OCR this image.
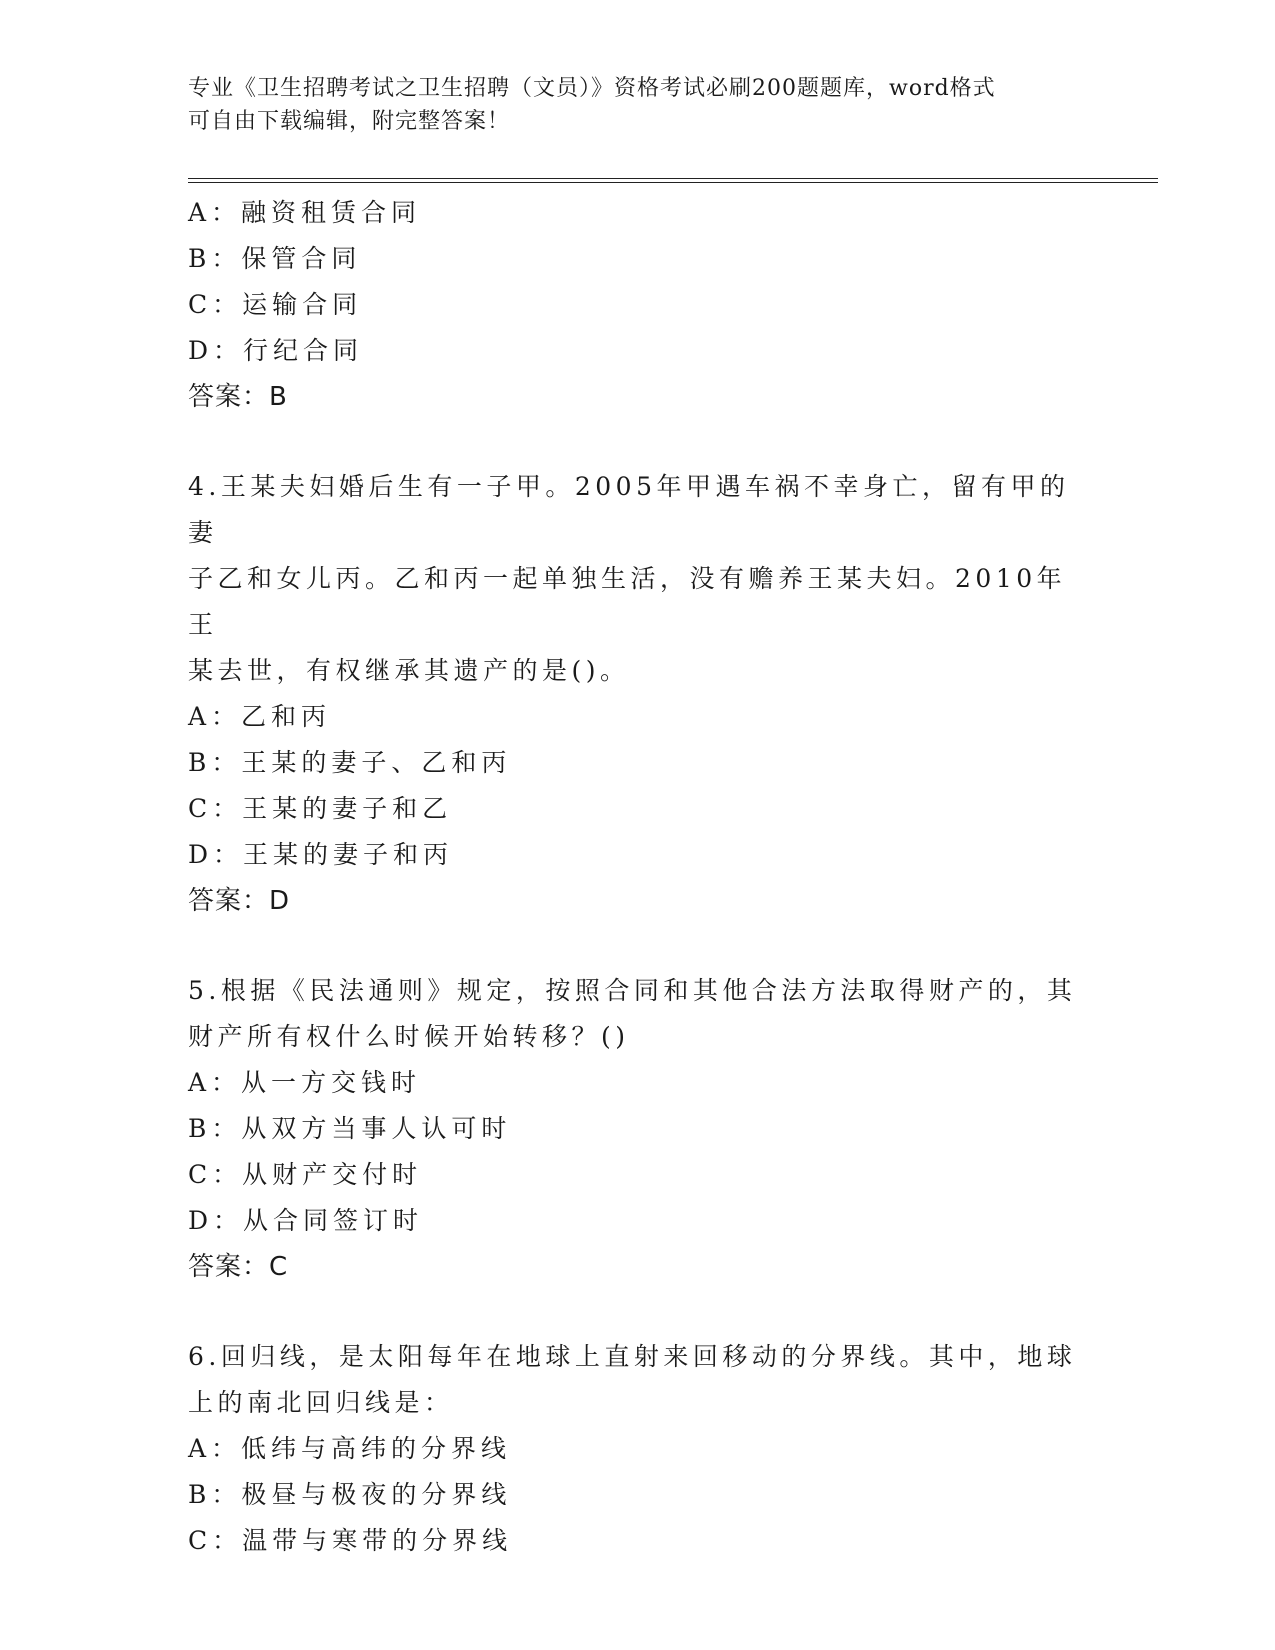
专业《卫生招聘考试之卫生招聘（文员）》资格考试必刷200题题库，word格式
可自由下载编辑，附完整答案！
A：融资租赁合同
B：保管合同
C：运输合同
D：行纪合同
答案：B
4.王某夫妇婚后生有一子甲。2005年甲遇车祸不幸身亡，留有甲的妻
子乙和女儿丙。乙和丙一起单独生活，没有赡养王某夫妇。2010年王
某去世，有权继承其遗产的是()。
A：乙和丙
B：王某的妻子、乙和丙
C：王某的妻子和乙
D：王某的妻子和丙
答案：D
5.根据《民法通则》规定，按照合同和其他合法方法取得财产的，其
财产所有权什么时候开始转移？()
A：从一方交钱时
B：从双方当事人认可时
C：从财产交付时
D：从合同签订时
答案：C
6.回归线，是太阳每年在地球上直射来回移动的分界线。其中，地球
上的南北回归线是：
A：低纬与高纬的分界线
B：极昼与极夜的分界线
C：温带与寒带的分界线
